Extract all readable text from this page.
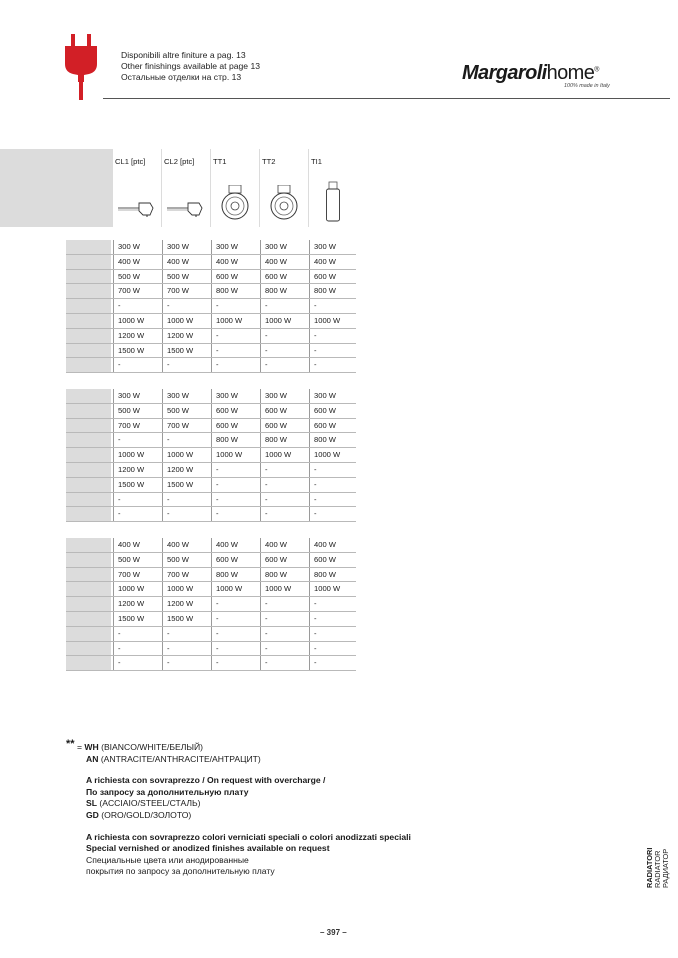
Disponibili altre finiture a pag. 13
Other finishings available at page 13
Остальные отделки на стр. 13	Margarolihome®
100% made in Italy
CL1 [ptc] CL2 [ptc] TT1	TT2	TI1
300 W	300 W	300 W	300 W	300 W
400 W	400 W	400 W	400 W	400 W
500 W	500 W	600 W	600 W	600 W
700 W	700 W	800 W	800 W	800 W
-	-	-	-	-
1000 W	1000 W	1000 W	1000 W	1000 W
1200 W	1200 W	-	-	-
1500 W	1500 W	-	-	-
-	-	-	-	-
300 W	300 W	300 W	300 W	300 W
500 W	500 W	600 W	600 W	600 W
700 W	700 W	600 W	600 W	600 W
-	-	800 W	800 W	800 W
1000 W	1000 W	1000 W	1000 W	1000 W
1200 W	1200 W	-	-	-
1500 W	1500 W	-	-	-
-	-	-	-	-
-	-	-	-	-
400 W	400 W	400 W	400 W	400 W
500 W	500 W	600 W	600 W	600 W
700 W	700 W	800 W	800 W	800 W
1000 W	1000 W	1000 W	1000 W	1000 W
1200 W	1200 W	-	-	-
1500 W	1500 W	-	-	-
-	-	-	-	-
-	-	-	-	-
-	-	-	-	-
** = WH (BIANCO/WHITE/БЕЛЫЙ)
AN (ANTRACITE/ANTHRACITE/АНТРАЦИТ)
A richiesta con sovraprezzo / On request with overcharge /
По запросу за дополнительную плату
SL (ACCIAIO/STEEL/СТАЛЬ)
GD (ORO/GOLD/ЗОЛОТО)
A richiesta con sovraprezzo colori verniciati speciali o colori anodizzati speciali
Special vernished or anodized finishes available on request
Специальные цвета или анодированные
покрытия по запросу за дополнительную плату	RADIATORI RADIATOR РАДИАТОР
– 397 –
